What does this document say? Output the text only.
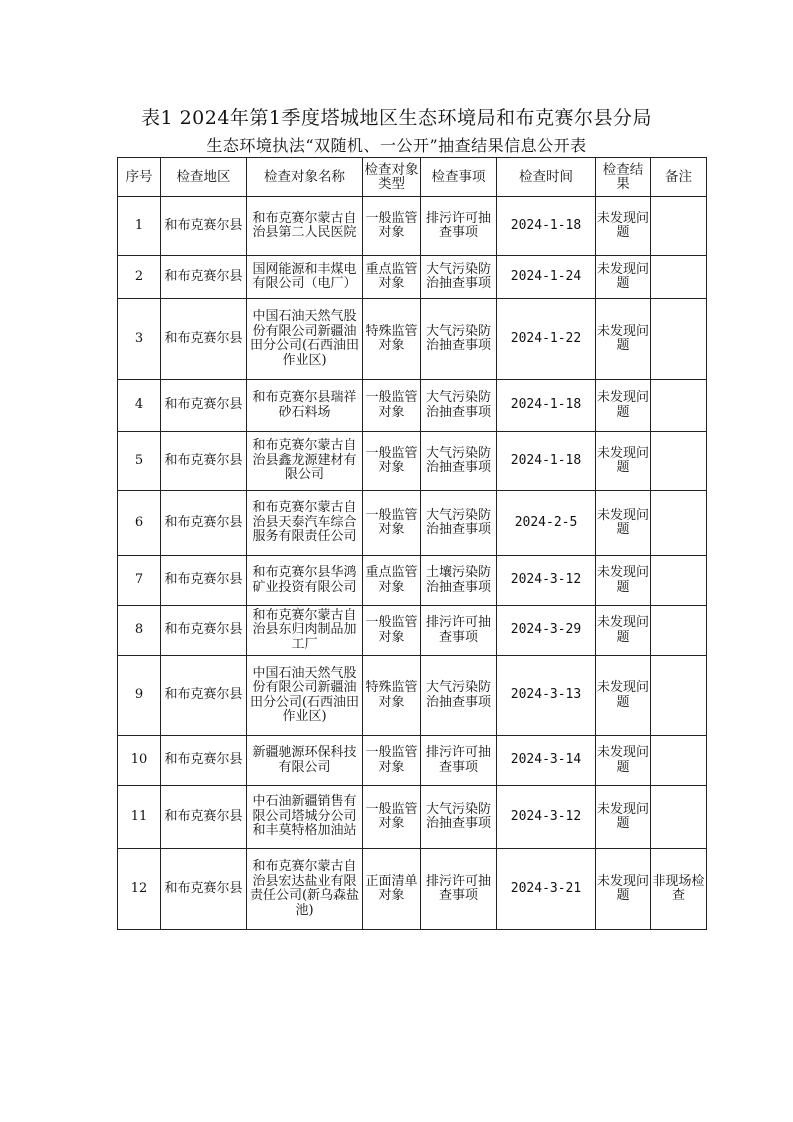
表1 2024年第1季度塔城地区生态环境局和布克赛尔县分局
生态环境执法“双随机、一公开”抽查结果信息公开表
序号	检查地区	检查对象名称	检查对象类型	检查事项	检查时间	检查结果	备注
1	和布克赛尔县	和布克赛尔蒙古自治县第二人民医院	一般监管对象	排污许可抽查事项	2024-1-18	未发现问题	
2	和布克赛尔县	国网能源和丰煤电有限公司（电厂）	重点监管对象	大气污染防治抽查事项	2024-1-24	未发现问题	
3	和布克赛尔县	中国石油天然气股份有限公司新疆油田分公司(石西油田作业区)	特殊监管对象	大气污染防治抽查事项	2024-1-22	未发现问题	
4	和布克赛尔县	和布克赛尔县瑞祥砂石料场	一般监管对象	大气污染防治抽查事项	2024-1-18	未发现问题	
5	和布克赛尔县	和布克赛尔蒙古自治县鑫龙源建材有限公司	一般监管对象	大气污染防治抽查事项	2024-1-18	未发现问题	
6	和布克赛尔县	和布克赛尔蒙古自治县天泰汽车综合服务有限责任公司	一般监管对象	大气污染防治抽查事项	2024-2-5	未发现问题	
7	和布克赛尔县	和布克赛尔县华鸿矿业投资有限公司	重点监管对象	土壤污染防治抽查事项	2024-3-12	未发现问题	
8	和布克赛尔县	和布克赛尔蒙古自治县东归肉制品加工厂	一般监管对象	排污许可抽查事项	2024-3-29	未发现问题	
9	和布克赛尔县	中国石油天然气股份有限公司新疆油田分公司(石西油田作业区)	特殊监管对象	大气污染防治抽查事项	2024-3-13	未发现问题	
10	和布克赛尔县	新疆驰源环保科技有限公司	一般监管对象	排污许可抽查事项	2024-3-14	未发现问题	
11	和布克赛尔县	中石油新疆销售有限公司塔城分公司和丰莫特格加油站	一般监管对象	大气污染防治抽查事项	2024-3-12	未发现问题	
12	和布克赛尔县	和布克赛尔蒙古自治县宏达盐业有限责任公司(新乌森盐池)	正面清单对象	排污许可抽查事项	2024-3-21	未发现问题	非现场检查
